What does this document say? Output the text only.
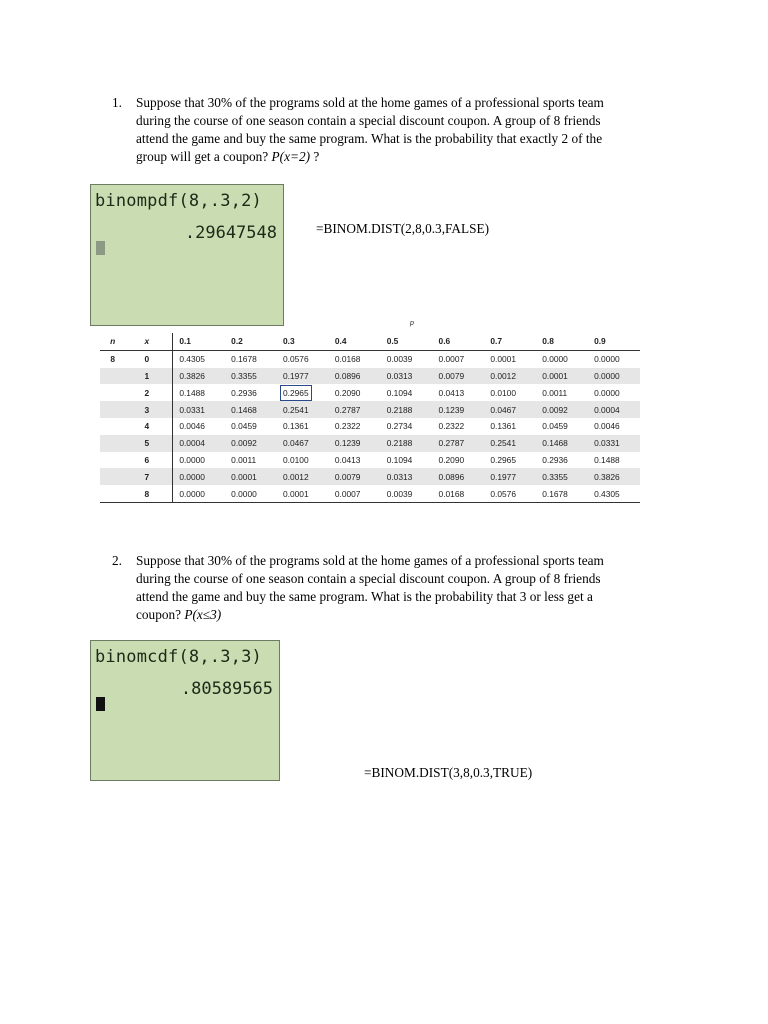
1. Suppose that 30% of the programs sold at the home games of a professional sports team
during the course of one season contain a special discount coupon. A group of 8 friends
attend the game and buy the same program. What is the probability that exactly 2 of the
group will get a coupon? P(x=2) ?
binompdf(8,.3,2)
.29647548	=BINOM.DIST(2,8,0.3,FALSE)
p
n	x	0.1	0.2	0.3	0.4	0.5	0.6	0.7	0.8	0.9
8	0	0.4305	0.1678	0.0576	0.0168	0.0039	0.0007	0.0001	0.0000	0.0000
	1	0.3826	0.3355	0.1977	0.0896	0.0313	0.0079	0.0012	0.0001	0.0000
	2	0.1488	0.2936	0.2965	0.2090	0.1094	0.0413	0.0100	0.0011	0.0000
	3	0.0331	0.1468	0.2541	0.2787	0.2188	0.1239	0.0467	0.0092	0.0004
	4	0.0046	0.0459	0.1361	0.2322	0.2734	0.2322	0.1361	0.0459	0.0046
	5	0.0004	0.0092	0.0467	0.1239	0.2188	0.2787	0.2541	0.1468	0.0331
	6	0.0000	0.0011	0.0100	0.0413	0.1094	0.2090	0.2965	0.2936	0.1488
	7	0.0000	0.0001	0.0012	0.0079	0.0313	0.0896	0.1977	0.3355	0.3826
	8	0.0000	0.0000	0.0001	0.0007	0.0039	0.0168	0.0576	0.1678	0.4305
2. Suppose that 30% of the programs sold at the home games of a professional sports team
during the course of one season contain a special discount coupon. A group of 8 friends
attend the game and buy the same program. What is the probability that 3 or less get a
coupon? P(x≤3)
binomcdf(8,.3,3)
.80589565
=BINOM.DIST(3,8,0.3,TRUE)
